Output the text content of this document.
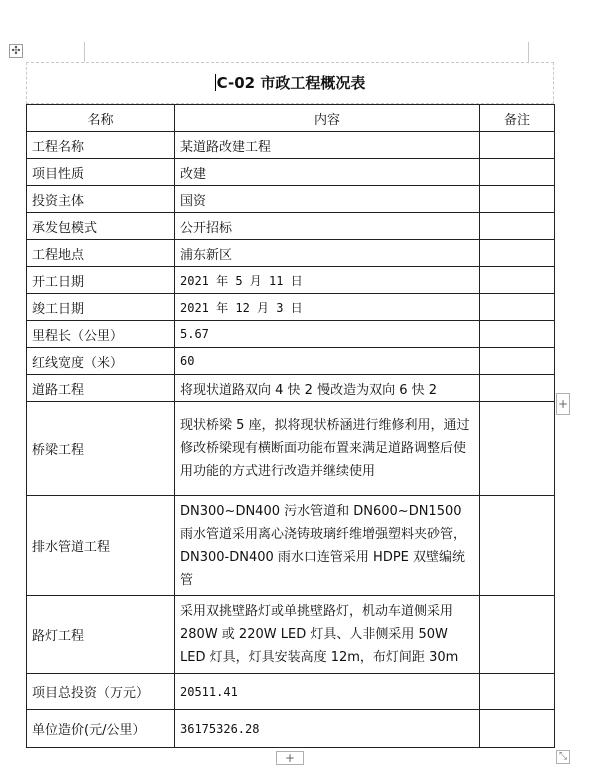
✣
C-02 市政工程概况表
名称	内容	备注
工程名称	某道路改建工程	
项目性质	改建	
投资主体	国资	
承发包模式	公开招标	
工程地点	浦东新区	
开工日期	2021 年 5 月 11 日	
竣工日期	2021 年 12 月 3 日	
里程长（公里）	5.67	
红线宽度（米）	60	
道路工程	将现状道路双向 4 快 2 慢改造为双向 6 快 2	
桥梁工程	现状桥梁 5 座，拟将现状桥涵进行维修利用，通过修改桥梁现有横断面功能布置来满足道路调整后使用功能的方式进行改造并继续使用	
排水管道工程	DN300~DN400 污水管道和 DN600~DN1500 雨水管道采用离心浇铸玻璃纤维增强塑料夹砂管，DN300-DN400 雨水口连管采用 HDPE 双壁编统管	
路灯工程	采用双挑壁路灯或单挑壁路灯，机动车道侧采用 280W 或 220W LED 灯具、人非侧采用 50W LED 灯具，灯具安装高度 12m，布灯间距 30m	
项目总投资（万元）	20511.41	
单位造价(元/公里）	36175326.28	
+
+	⤡
